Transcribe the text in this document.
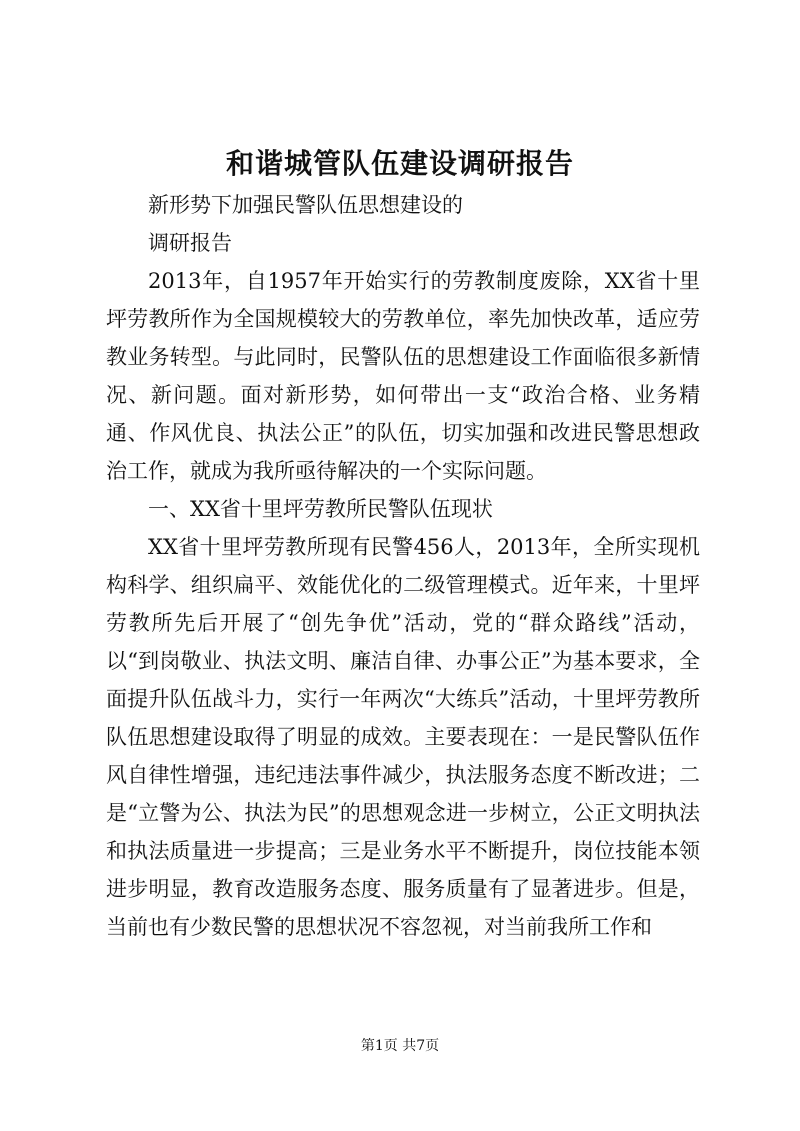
和谐城管队伍建设调研报告

新形势下加强民警队伍思想建设的

调研报告

2013年，自1957年开始实行的劳教制度废除，XX省十里坪劳教所作为全国规模较大的劳教单位，率先加快改革，适应劳教业务转型。与此同时，民警队伍的思想建设工作面临很多新情况、新问题。面对新形势，如何带出一支“政治合格、业务精通、作风优良、执法公正”的队伍，切实加强和改进民警思想政治工作，就成为我所亟待解决的一个实际问题。

一、XX省十里坪劳教所民警队伍现状

XX省十里坪劳教所现有民警456人，2013年，全所实现机构科学、组织扁平、效能优化的二级管理模式。近年来，十里坪劳教所先后开展了“创先争优”活动，党的“群众路线”活动，以“到岗敬业、执法文明、廉洁自律、办事公正”为基本要求，全面提升队伍战斗力，实行一年两次“大练兵”活动，十里坪劳教所队伍思想建设取得了明显的成效。主要表现在：一是民警队伍作风自律性增强，违纪违法事件减少，执法服务态度不断改进；二是“立警为公、执法为民”的思想观念进一步树立，公正文明执法和执法质量进一步提高；三是业务水平不断提升，岗位技能本领进步明显，教育改造服务态度、服务质量有了显著进步。但是，当前也有少数民警的思想状况不容忽视，对当前我所工作和

第1页 共7页
